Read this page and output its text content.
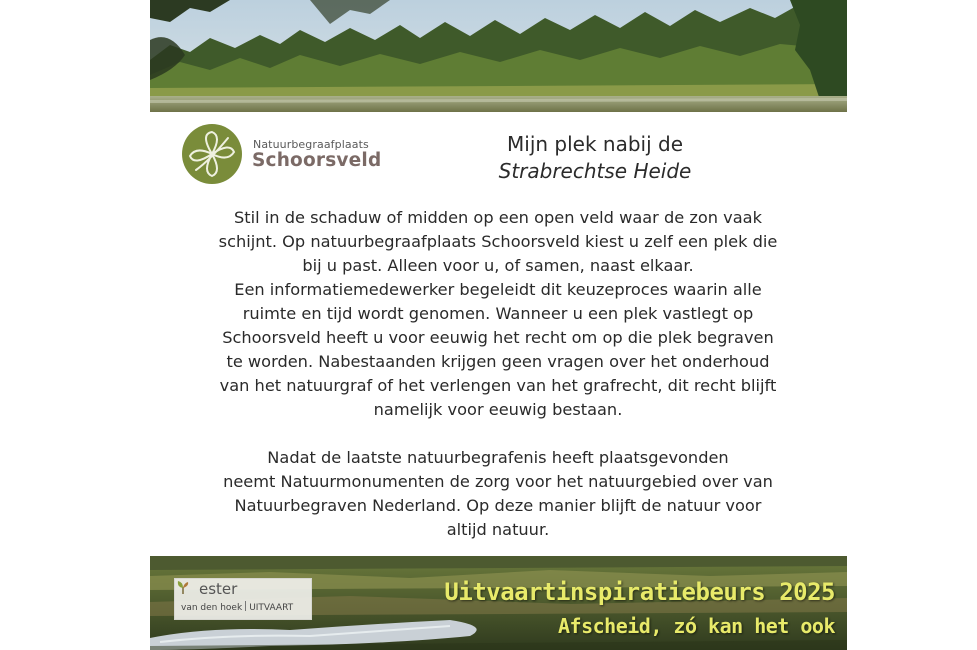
Natuurbegraafplaats
Schoorsveld
Mijn plek nabij de
Strabrechtse Heide

Stil in de schaduw of midden op een open veld waar de zon vaak
schijnt. Op natuurbegraafplaats Schoorsveld kiest u zelf een plek die
bij u past. Alleen voor u, of samen, naast elkaar.
Een informatiemedewerker begeleidt dit keuzeproces waarin alle
ruimte en tijd wordt genomen. Wanneer u een plek vastlegt op
Schoorsveld heeft u voor eeuwig het recht om op die plek begraven
te worden. Nabestaanden krijgen geen vragen over het onderhoud
van het natuurgraf of het verlengen van het grafrecht, dit recht blijft
namelijk voor eeuwig bestaan.

Nadat de laatste natuurbegrafenis heeft plaatsgevonden
neemt Natuurmonumenten de zorg voor het natuurgebied over van
Natuurbegraven Nederland. Op deze manier blijft de natuur voor
altijd natuur.

ester
van den hoek UITVAART
Uitvaartinspiratiebeurs 2025
Afscheid, zó kan het ook
